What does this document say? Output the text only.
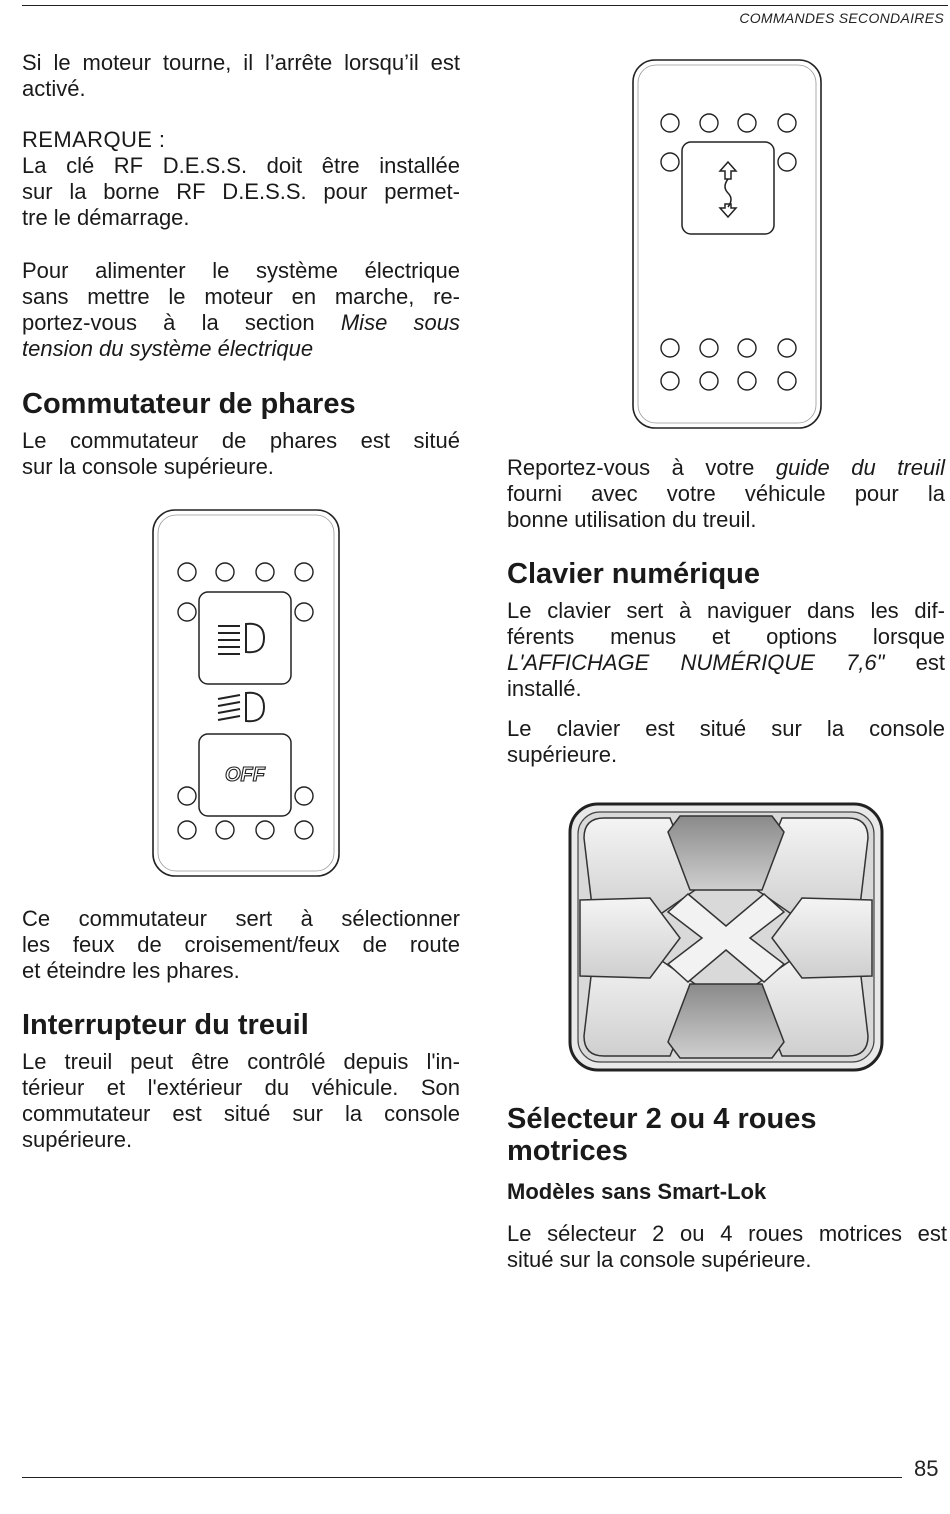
COMMANDES SECONDAIRES
85

Si le moteur tourne, il l’arrête lorsqu’il est activé.

REMARQUE :

La clé RF D.E.S.S. doit être installée

sur la borne RF D.E.S.S. pour permet-

tre le démarrage.

Pour alimenter le système électrique

sans mettre le moteur en marche, re-

portez-vous à la section Mise sous

tension du système électrique

Commutateur de phares

Le commutateur de phares est situé

sur la console supérieure.

OFF

Ce commutateur sert à sélectionner

les feux de croisement/feux de route

et éteindre les phares.

Interrupteur du treuil

Le treuil peut être contrôlé depuis l'in-

térieur et l'extérieur du véhicule. Son

commutateur est situé sur la console

supérieure.

Reportez-vous à votre guide du treuil

fourni avec votre véhicule pour la

bonne utilisation du treuil.

Clavier numérique

Le clavier sert à naviguer dans les dif-

férents menus et options lorsque

L'AFFICHAGE NUMÉRIQUE 7,6" est

installé.

Le clavier est situé sur la console

supérieure.

Sélecteur 2 ou 4 roues

motrices

Modèles sans Smart-Lok

Le sélecteur 2 ou 4 roues motrices est

situé sur la console supérieure.
